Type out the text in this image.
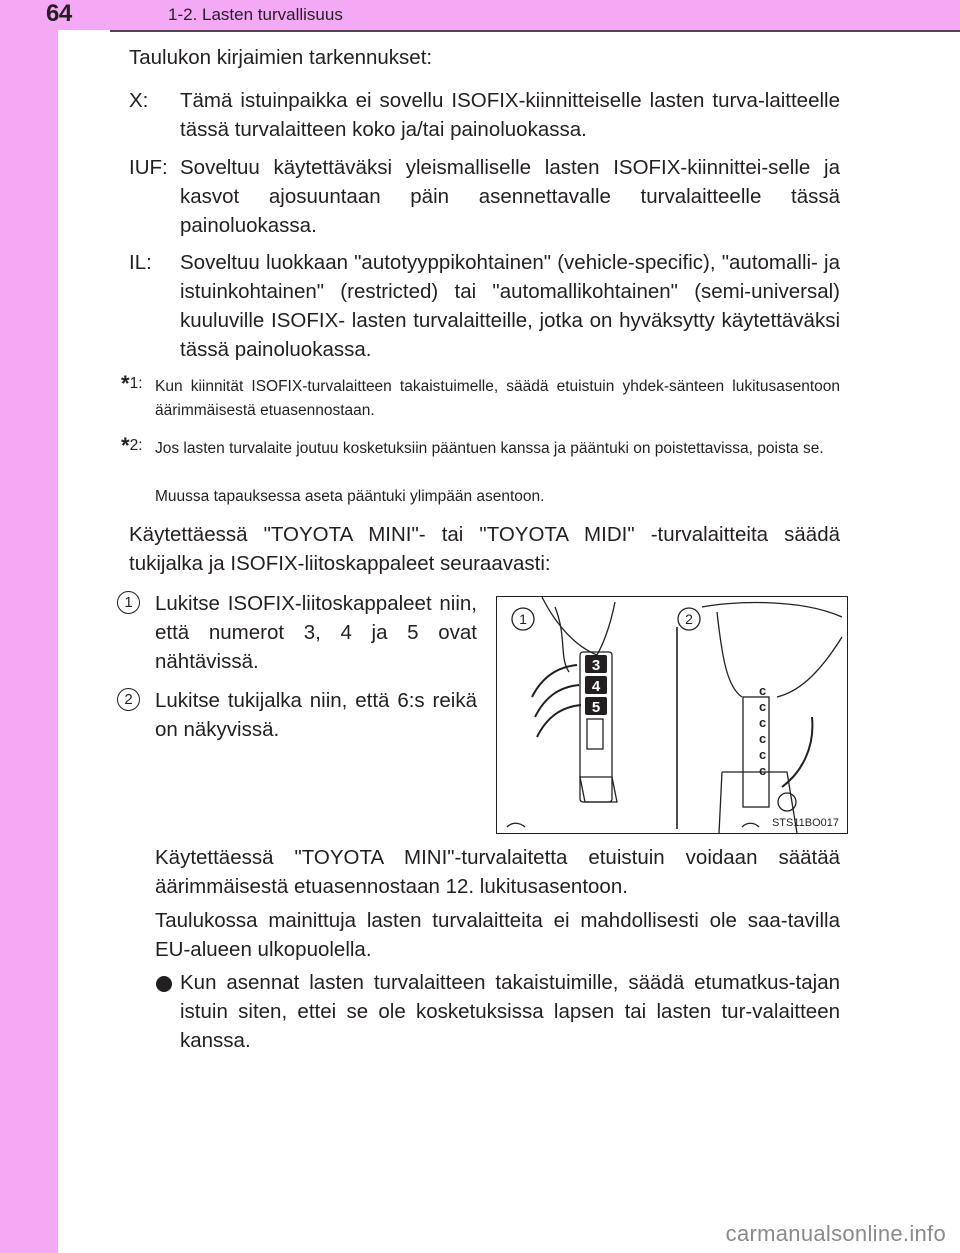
64	1-2. Lasten turvallisuus
Taulukon kirjaimien tarkennukset:
X: Tämä istuinpaikka ei sovellu ISOFIX-kiinnitteiselle lasten turva-laitteelle tässä turvalaitteen koko ja/tai painoluokassa.
IUF: Soveltuu käytettäväksi yleismalliselle lasten ISOFIX-kiinnittei-selle ja kasvot ajosuuntaan päin asennettavalle turvalaitteelle tässä painoluokassa.
IL: Soveltuu luokkaan "autotyyppikohtainen" (vehicle-specific), "automalli- ja istuinkohtainen" (restricted) tai "automallikohtainen" (semi-universal) kuuluville ISOFIX- lasten turvalaitteille, jotka on hyväksytty käytettäväksi tässä painoluokassa.
*1: Kun kiinnität ISOFIX-turvalaitteen takaistuimelle, säädä etuistuin yhdek-sänteen lukitusasentoon äärimmäisestä etuasennostaan.
*2: Jos lasten turvalaite joutuu kosketuksiin pääntuen kanssa ja pääntuki on poistettavissa, poista se.
Muussa tapauksessa aseta pääntuki ylimpään asentoon.
Käytettäessä "TOYOTA MINI"- tai "TOYOTA MIDI" -turvalaitteita säädä tukijalka ja ISOFIX-liitoskappaleet seuraavasti:
1	Lukitse ISOFIX-liitoskappaleet niin, että numerot 3, 4 ja 5 ovat nähtävissä.
2	Lukitse tukijalka niin, että 6:s reikä on näkyvissä.
3
4
5
c
c
c
c
c
c
1	2
STS11BO017
Käytettäessä "TOYOTA MINI"-turvalaitetta etuistuin voidaan säätää äärimmäisestä etuasennostaan 12. lukitusasentoon.
Taulukossa mainittuja lasten turvalaitteita ei mahdollisesti ole saa-tavilla EU-alueen ulkopuolella.
Kun asennat lasten turvalaitteen takaistuimille, säädä etumatkus-tajan istuin siten, ettei se ole kosketuksissa lapsen tai lasten tur-valaitteen kanssa.
carmanualsonline.info
